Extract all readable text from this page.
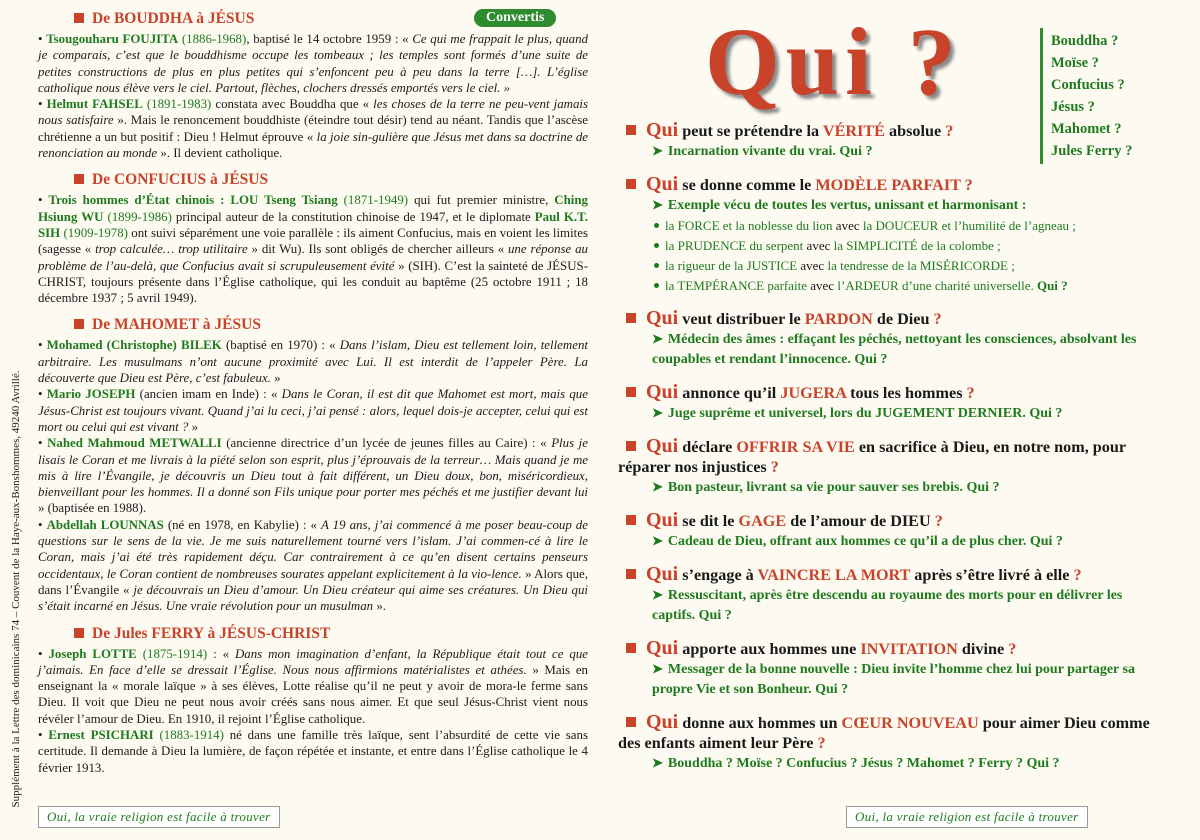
Supplément à la Lettre des dominicains 74 – Couvent de la Haye-aux-Bonshommes, 49240 Avrillé.
Convertis
De BOUDDHA à JÉSUS

• Tsougouharu FOUJITA (1886-1968), baptisé le 14 octobre 1959 : « Ce qui me frappait le plus, quand je comparais, c’est que le bouddhisme occupe les tombeaux ; les temples sont formés d’une suite de petites constructions de plus en plus petites qui s’enfoncent peu à peu dans la terre […]. L’église catholique nous élève vers le ciel. Partout, flèches, clochers dressés emportés vers le ciel. »

• Helmut FAHSEL (1891-1983) constata avec Bouddha que « les choses de la terre ne peu-vent jamais nous satisfaire ». Mais le renoncement bouddhiste (éteindre tout désir) tend au néant. Tandis que l’ascèse chrétienne a un but positif : Dieu ! Helmut éprouve « la joie sin-gulière que Jésus met dans sa doctrine de renonciation au monde ». Il devient catholique.

De CONFUCIUS à JÉSUS

• Trois hommes d’État chinois : LOU Tseng Tsiang (1871-1949) qui fut premier ministre, Ching Hsiung WU (1899-1986) principal auteur de la constitution chinoise de 1947, et le diplomate Paul K.T. SIH (1909-1978) ont suivi séparément une voie parallèle : ils aiment Confucius, mais en voient les limites (sagesse « trop calculée… trop utilitaire » dit Wu). Ils sont obligés de chercher ailleurs « une réponse au problème de l’au-delà, que Confucius avait si scrupuleusement évité » (SIH). C’est la sainteté de JÉSUS-CHRIST, toujours présente dans l’Église catholique, qui les conduit au baptême (25 octobre 1911 ; 18 décembre 1937 ; 5 avril 1949).

De MAHOMET à JÉSUS

• Mohamed (Christophe) BILEK (baptisé en 1970) : « Dans l’islam, Dieu est tellement loin, tellement arbitraire. Les musulmans n’ont aucune proximité avec Lui. Il est interdit de l’appeler Père. La découverte que Dieu est Père, c’est fabuleux. »

• Mario JOSEPH (ancien imam en Inde) : « Dans le Coran, il est dit que Mahomet est mort, mais que Jésus-Christ est toujours vivant. Quand j’ai lu ceci, j’ai pensé : alors, lequel dois-je accepter, celui qui est mort ou celui qui est vivant ? »

• Nahed Mahmoud METWALLI (ancienne directrice d’un lycée de jeunes filles au Caire) : « Plus je lisais le Coran et me livrais à la piété selon son esprit, plus j’éprouvais de la terreur… Mais quand je me mis à lire l’Évangile, je découvris un Dieu tout à fait différent, un Dieu doux, bon, miséricordieux, bienveillant pour les hommes. Il a donné son Fils unique pour porter mes péchés et me justifier devant lui » (baptisée en 1988).

• Abdellah LOUNNAS (né en 1978, en Kabylie) : « A 19 ans, j’ai commencé à me poser beau-coup de questions sur le sens de la vie. Je me suis naturellement tourné vers l’islam. J’ai commen-cé à lire le Coran, mais j’ai été très rapidement déçu. Car contrairement à ce qu’en disent certains penseurs occidentaux, le Coran contient de nombreuses sourates appelant explicitement à la vio-lence. » Alors que, dans l’Évangile « je découvrais un Dieu d’amour. Un Dieu créateur qui aime ses créatures. Un Dieu qui s’était incarné en Jésus. Une vraie révolution pour un musulman ».

De Jules FERRY à JÉSUS-CHRIST

• Joseph LOTTE (1875-1914) : « Dans mon imagination d’enfant, la République était tout ce que j’aimais. En face d’elle se dressait l’Église. Nous nous affirmions matérialistes et athées. » Mais en enseignant la « morale laïque » à ses élèves, Lotte réalise qu’il ne peut y avoir de mora-le ferme sans Dieu. Il voit que Dieu ne peut nous avoir créés sans nous aimer. Et que seul Jésus-Christ vient nous révéler l’amour de Dieu. En 1910, il rejoint l’Église catholique.

• Ernest PSICHARI (1883-1914) né dans une famille très laïque, sent l’absurdité de cette vie sans certitude. Il demande à Dieu la lumière, de façon répétée et instante, et entre dans l’Église catholique le 4 février 1913.

Oui, la vraie religion est facile à trouver	Oui, la vraie religion est facile à trouver
Qui ?	Bouddha ?
Moïse ?
Confucius ?
Jésus ?
Mahomet ?
Jules Ferry ?
Qui peut se prétendre la VÉRITÉ absolue ?
➤ Incarnation vivante du vrai. Qui ?
Qui se donne comme le MODÈLE PARFAIT ?
➤ Exemple vécu de toutes les vertus, unissant et harmonisant :
la FORCE et la noblesse du lion avec la DOUCEUR et l’humilité de l’agneau ;
la PRUDENCE du serpent avec la SIMPLICITÉ de la colombe ;
la rigueur de la JUSTICE avec la tendresse de la MISÉRICORDE ;
la TEMPÉRANCE parfaite avec l’ARDEUR d’une charité universelle. Qui ?
Qui veut distribuer le PARDON de Dieu ?
➤ Médecin des âmes : effaçant les péchés, nettoyant les consciences, absolvant les coupables et rendant l’innocence. Qui ?
Qui annonce qu’il JUGERA tous les hommes ?
➤ Juge suprême et universel, lors du JUGEMENT DERNIER. Qui ?
Qui déclare OFFRIR SA VIE en sacrifice à Dieu, en notre nom, pour réparer nos injustices ?
➤ Bon pasteur, livrant sa vie pour sauver ses brebis. Qui ?
Qui se dit le GAGE de l’amour de DIEU ?
➤ Cadeau de Dieu, offrant aux hommes ce qu’il a de plus cher. Qui ?
Qui s’engage à VAINCRE LA MORT après s’être livré à elle ?
➤ Ressuscitant, après être descendu au royaume des morts pour en délivrer les captifs. Qui ?
Qui apporte aux hommes une INVITATION divine ?
➤ Messager de la bonne nouvelle : Dieu invite l’homme chez lui pour partager sa propre Vie et son Bonheur. Qui ?
Qui donne aux hommes un CŒUR NOUVEAU pour aimer Dieu comme des enfants aiment leur Père ?
➤ Bouddha ? Moïse ? Confucius ? Jésus ? Mahomet ? Ferry ? Qui ?
